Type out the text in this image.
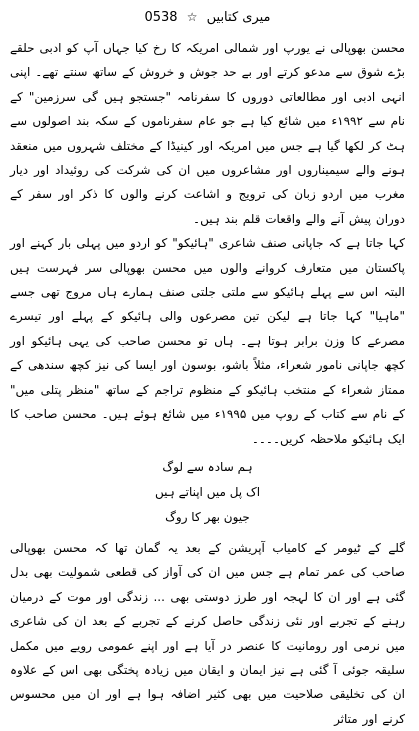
میری کتابیں ☆ 0538

محسن بھوپالی نے یورپ اور شمالی امریکہ کا رخ کیا جہاں آپ کو ادبی حلقے بڑے شوق سے مدعو کرتے اور بے حد جوش و خروش کے ساتھ سنتے تھے۔ اپنی انہی ادبی اور مطالعاتی دوروں کا سفرنامہ "جستجو ہیں گی سرزمین" کے نام سے ۱۹۹۲ء میں شائع کیا ہے جو عام سفرناموں کے سکہ بند اصولوں سے ہٹ کر لکھا گیا ہے جس میں امریکہ اور کینیڈا کے مختلف شہروں میں منعقد ہونے والے سیمیناروں اور مشاعروں میں ان کی شرکت کی روئیداد اور دیار مغرب میں اردو زبان کی ترویج و اشاعت کرنے والوں کا ذکر اور سفر کے دوران پیش آنے والے واقعات قلم بند ہیں۔

کہا جاتا ہے کہ جاپانی صنف شاعری "ہائیکو" کو اردو میں پہلی بار کہنے اور پاکستان میں متعارف کروانے والوں میں محسن بھوپالی سر فہرست ہیں البتہ اس سے پہلے ہائیکو سے ملتی جلتی صنف ہمارے ہاں مروج تھی جسے "ماہیا" کہا جاتا ہے لیکن تین مصرعوں والی ہائیکو کے پہلے اور تیسرے مصرعے کا وزن برابر ہوتا ہے۔ ہاں تو محسن صاحب کی یہی ہائیکو اور کچھ جاپانی نامور شعراء، مثلاً باشو، بوسون اور ایسا کی نیز کچھ سندھی کے ممتاز شعراء کے منتخب ہائیکو کے منظوم تراجم کے ساتھ "منظر پتلی میں" کے نام سے کتاب کے روپ میں ۱۹۹۵ء میں شائع ہوئے ہیں۔ محسن صاحب کا ایک ہائیکو ملاحظہ کریں۔۔۔۔

ہم سادہ سے لوگ
اک پل میں اپناتے ہیں
جیون بھر کا روگ

گلے کے ٹیومر کے کامیاب آپریشن کے بعد یہ گمان تھا کہ محسن بھوپالی صاحب کی عمر تمام ہے جس میں ان کی آواز کی قطعی شمولیت بھی بدل گئی ہے اور ان کا لہجہ اور طرز دوستی بھی ... زندگی اور موت کے درمیان رہنے کے تجربے اور نئی زندگی حاصل کرنے کے تجربے کے بعد ان کی شاعری میں نرمی اور رومانیت کا عنصر در آیا ہے اور اپنے عمومی رویے میں مکمل سلیقہ جوئی آ گئی ہے نیز ایمان و ایقان میں زیادہ پختگی بھی اس کے علاوہ ان کی تخلیقی صلاحیت میں بھی کثیر اضافہ ہوا ہے اور ان میں محسوس کرنے اور متاثر
